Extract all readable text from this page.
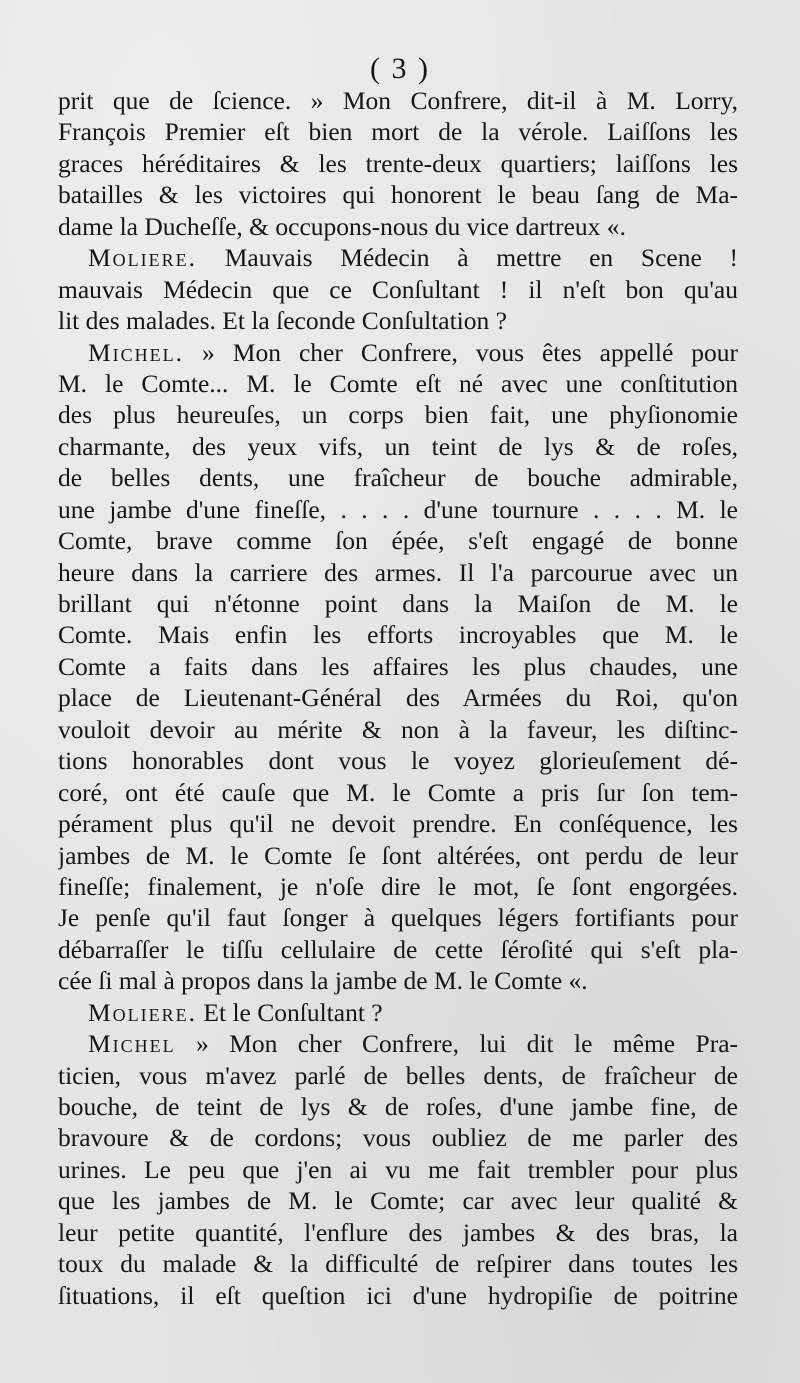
( 3 )
prit que de ſcience. » Mon Confrere, dit-il à M. Lorry,
François Premier eſt bien mort de la vérole. Laiſſons les
graces héréditaires & les trente-deux quartiers; laiſſons les
batailles & les victoires qui honorent le beau ſang de Ma-
dame la Ducheſſe, & occupons-nous du vice dartreux «.
Moliere. Mauvais Médecin à mettre en Scene !
mauvais Médecin que ce Conſultant ! il n'eſt bon qu'au
lit des malades. Et la ſeconde Conſultation ?
Michel. » Mon cher Confrere, vous êtes appellé pour
M. le Comte... M. le Comte eſt né avec une conſtitution
des plus heureuſes, un corps bien fait, une phyſionomie
charmante, des yeux vifs, un teint de lys & de roſes,
de belles dents, une fraîcheur de bouche admirable,
une jambe d'une fineſſe, . . . . d'une tournure . . . . M. le
Comte, brave comme ſon épée, s'eſt engagé de bonne
heure dans la carriere des armes. Il l'a parcourue avec un
brillant qui n'étonne point dans la Maiſon de M. le
Comte. Mais enfin les efforts incroyables que M. le
Comte a faits dans les affaires les plus chaudes, une
place de Lieutenant-Général des Armées du Roi, qu'on
vouloit devoir au mérite & non à la faveur, les diſtinc-
tions honorables dont vous le voyez glorieuſement dé-
coré, ont été cauſe que M. le Comte a pris ſur ſon tem-
pérament plus qu'il ne devoit prendre. En conſéquence, les
jambes de M. le Comte ſe ſont altérées, ont perdu de leur
fineſſe; finalement, je n'oſe dire le mot, ſe ſont engorgées.
Je penſe qu'il faut ſonger à quelques légers fortifiants pour
débarraſſer le tiſſu cellulaire de cette ſéroſité qui s'eſt pla-
cée ſi mal à propos dans la jambe de M. le Comte «.
Moliere. Et le Conſultant ?
Michel » Mon cher Confrere, lui dit le même Pra-
ticien, vous m'avez parlé de belles dents, de fraîcheur de
bouche, de teint de lys & de roſes, d'une jambe fine, de
bravoure & de cordons; vous oubliez de me parler des
urines. Le peu que j'en ai vu me fait trembler pour plus
que les jambes de M. le Comte; car avec leur qualité &
leur petite quantité, l'enflure des jambes & des bras, la
toux du malade & la difficulté de reſpirer dans toutes les
ſituations, il eſt queſtion ici d'une hydropiſie de poitrine
